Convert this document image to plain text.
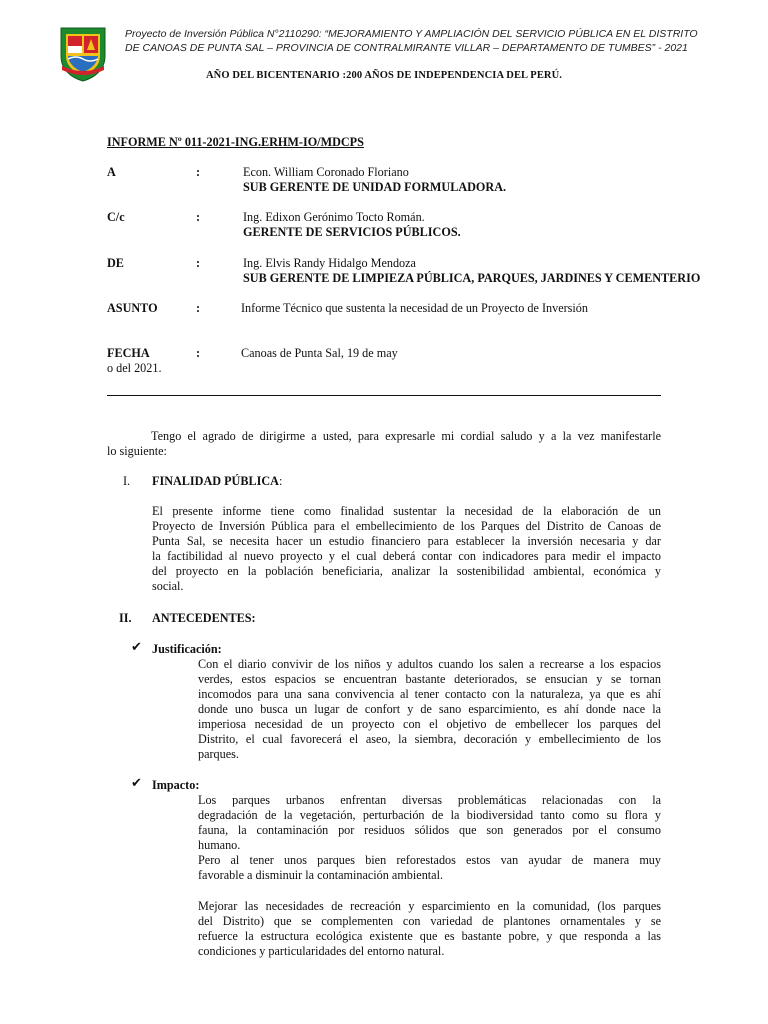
Proyecto de Inversión Pública N°2110290: “MEJORAMIENTO Y AMPLIACIÓN DEL SERVICIO PÚBLICA EN EL DISTRITO
DE CANOAS DE PUNTA SAL – PROVINCIA DE CONTRALMIRANTE VILLAR – DEPARTAMENTO DE TUMBES” - 2021
AÑO DEL BICENTENARIO :200 AÑOS DE INDEPENDENCIA DEL PERÚ.
INFORME Nº 011-2021-ING.ERHM-IO/MDCPS
A	:	Econ. William Coronado Floriano
SUB GERENTE DE UNIDAD FORMULADORA.
C/c	:	Ing. Edixon Gerónimo Tocto Román.
GERENTE DE SERVICIOS PÚBLICOS.
DE	:	Ing. Elvis Randy Hidalgo Mendoza
SUB GERENTE DE LIMPIEZA PÚBLICA, PARQUES, JARDINES Y CEMENTERIO
ASUNTO	:	Informe Técnico que sustenta la necesidad de un Proyecto de Inversión
FECHA	:	Canoas de Punta Sal, 19 de may
o del 2021.
Tengo el agrado de dirigirme a usted, para expresarle mi cordial saludo y a la vez manifestarle
lo siguiente:
I. FINALIDAD PÚBLICA:
El presente informe tiene como finalidad sustentar la necesidad de la elaboración de un
Proyecto de Inversión Pública para el embellecimiento de los Parques del Distrito de Canoas de
Punta Sal, se necesita hacer un estudio financiero para establecer la inversión necesaria y dar
la factibilidad al nuevo proyecto y el cual deberá contar con indicadores para medir el impacto
del proyecto en la población beneficiaria, analizar la sostenibilidad ambiental, económica y
social.
II. ANTECEDENTES:
✔ Justificación:
Con el diario convivir de los niños y adultos cuando los salen a recrearse a los espacios
verdes, estos espacios se encuentran bastante deteriorados, se ensucian y se tornan
incomodos para una sana convivencia al tener contacto con la naturaleza, ya que es ahí
donde uno busca un lugar de confort y de sano esparcimiento, es ahí donde nace la
imperiosa necesidad de un proyecto con el objetivo de embellecer los parques del
Distrito, el cual favorecerá el aseo, la siembra, decoración y embellecimiento de los
parques.
✔ Impacto:
Los parques urbanos enfrentan diversas problemáticas relacionadas con la
degradación de la vegetación, perturbación de la biodiversidad tanto como su flora y
fauna, la contaminación por residuos sólidos que son generados por el consumo
humano.
Pero al tener unos parques bien reforestados estos van ayudar de manera muy
favorable a disminuir la contaminación ambiental.
Mejorar las necesidades de recreación y esparcimiento en la comunidad, (los parques
del Distrito) que se complementen con variedad de plantones ornamentales y se
refuerce la estructura ecológica existente que es bastante pobre, y que responda a las
condiciones y particularidades del entorno natural.
